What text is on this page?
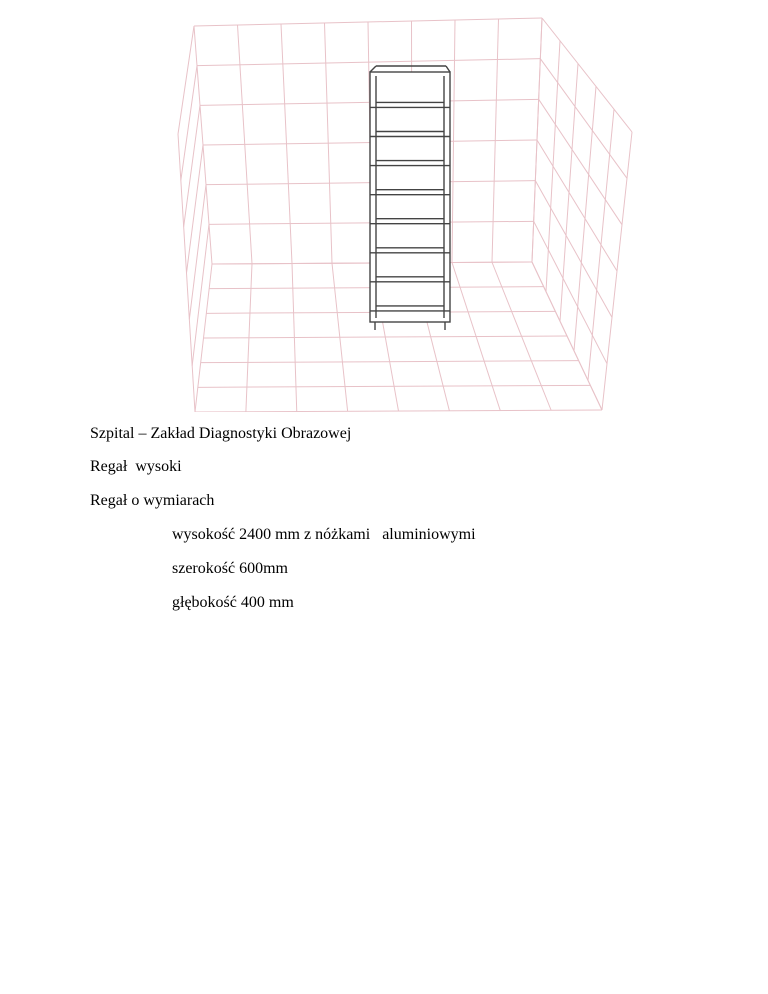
Szpital – Zakład Diagnostyki Obrazowej
Regał  wysoki
Regał o wymiarach
wysokość 2400 mm z nóżkami   aluminiowymi
szerokość 600mm
głębokość 400 mm
